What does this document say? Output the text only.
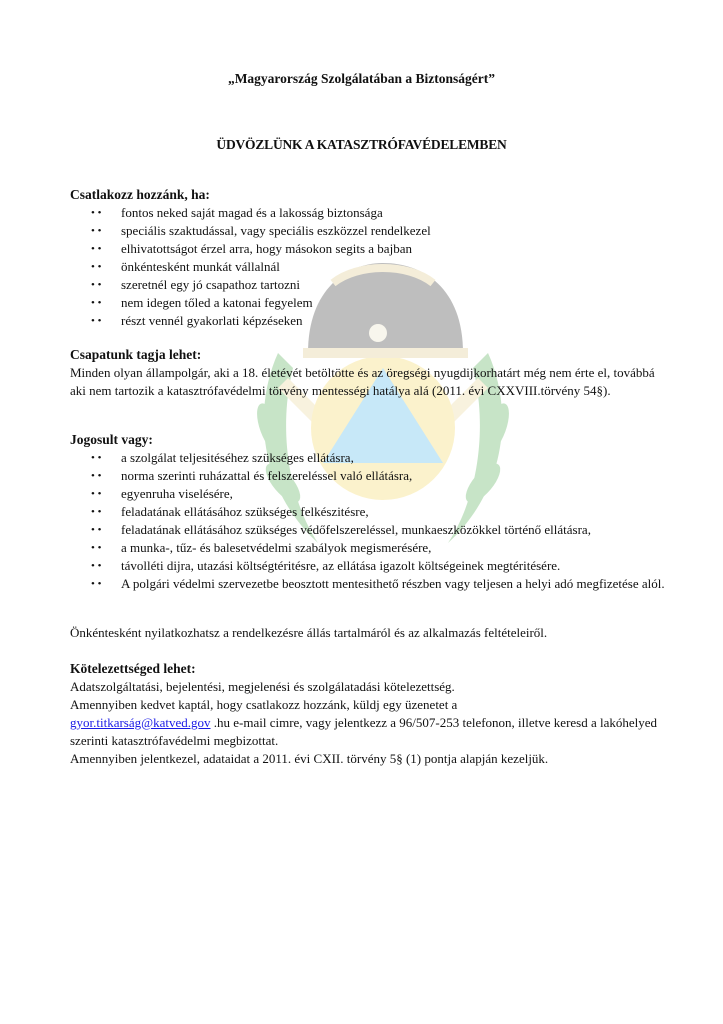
„Magyarország Szolgálatában a Biztonságért”
ÜDVÖZLÜNK A KATASZTRÓFAVÉDELEMBEN
Csatlakozz hozzánk, ha:
• •	fontos neked saját magad és a lakosság biztonsága
• •	speciális szaktudással, vagy speciális eszközzel rendelkezel
• •	elhivatottságot érzel arra, hogy másokon segits a bajban
• •	önkéntesként munkát vállalnál
• •	szeretnél egy jó csapathoz tartozni
• •	nem idegen tőled a katonai fegyelem
• •	részt vennél gyakorlati képzéseken
Csapatunk tagja lehet:

Minden olyan állampolgár, aki a 18. életévét betöltötte és az öregségi nyugdijkorhatárt még nem érte el, továbbá aki nem tartozik a katasztrófavédelmi törvény mentességi hatálya alá (2011. évi CXXVIII.törvény 54§).

Jogosult vagy:
• •	a szolgálat teljesitéséhez szükséges ellátásra,
• •	norma szerinti ruházattal és felszereléssel való ellátásra,
• •	egyenruha viselésére,
• •	feladatának ellátásához szükséges felkészitésre,
• •	feladatának ellátásához szükséges védőfelszereléssel, munkaeszközökkel történő ellátásra,
• •	a munka-, tűz- és balesetvédelmi szabályok megismerésére,
• •	távolléti dijra, utazási költségtéritésre, az ellátása igazolt költségeinek megtéritésére.
• •	A polgári védelmi szervezetbe beosztott mentesithető részben vagy teljesen a helyi adó megfizetése alól.

Önkéntesként nyilatkozhatsz a rendelkezésre állás tartalmáról és az alkalmazás feltételeiről.

Kötelezettséged lehet:

Adatszolgáltatási, bejelentési, megjelenési és szolgálatadási kötelezettség.

Amennyiben kedvet kaptál, hogy csatlakozz hozzánk, küldj egy üzenetet a

gyor.titkarság@katved.gov .hu e-mail cimre, vagy jelentkezz a 96/507-253 telefonon, illetve keresd a lakóhelyed szerinti katasztrófavédelmi megbizottat.

Amennyiben jelentkezel, adataidat a 2011. évi CXII. törvény 5§ (1) pontja alapján kezeljük.
